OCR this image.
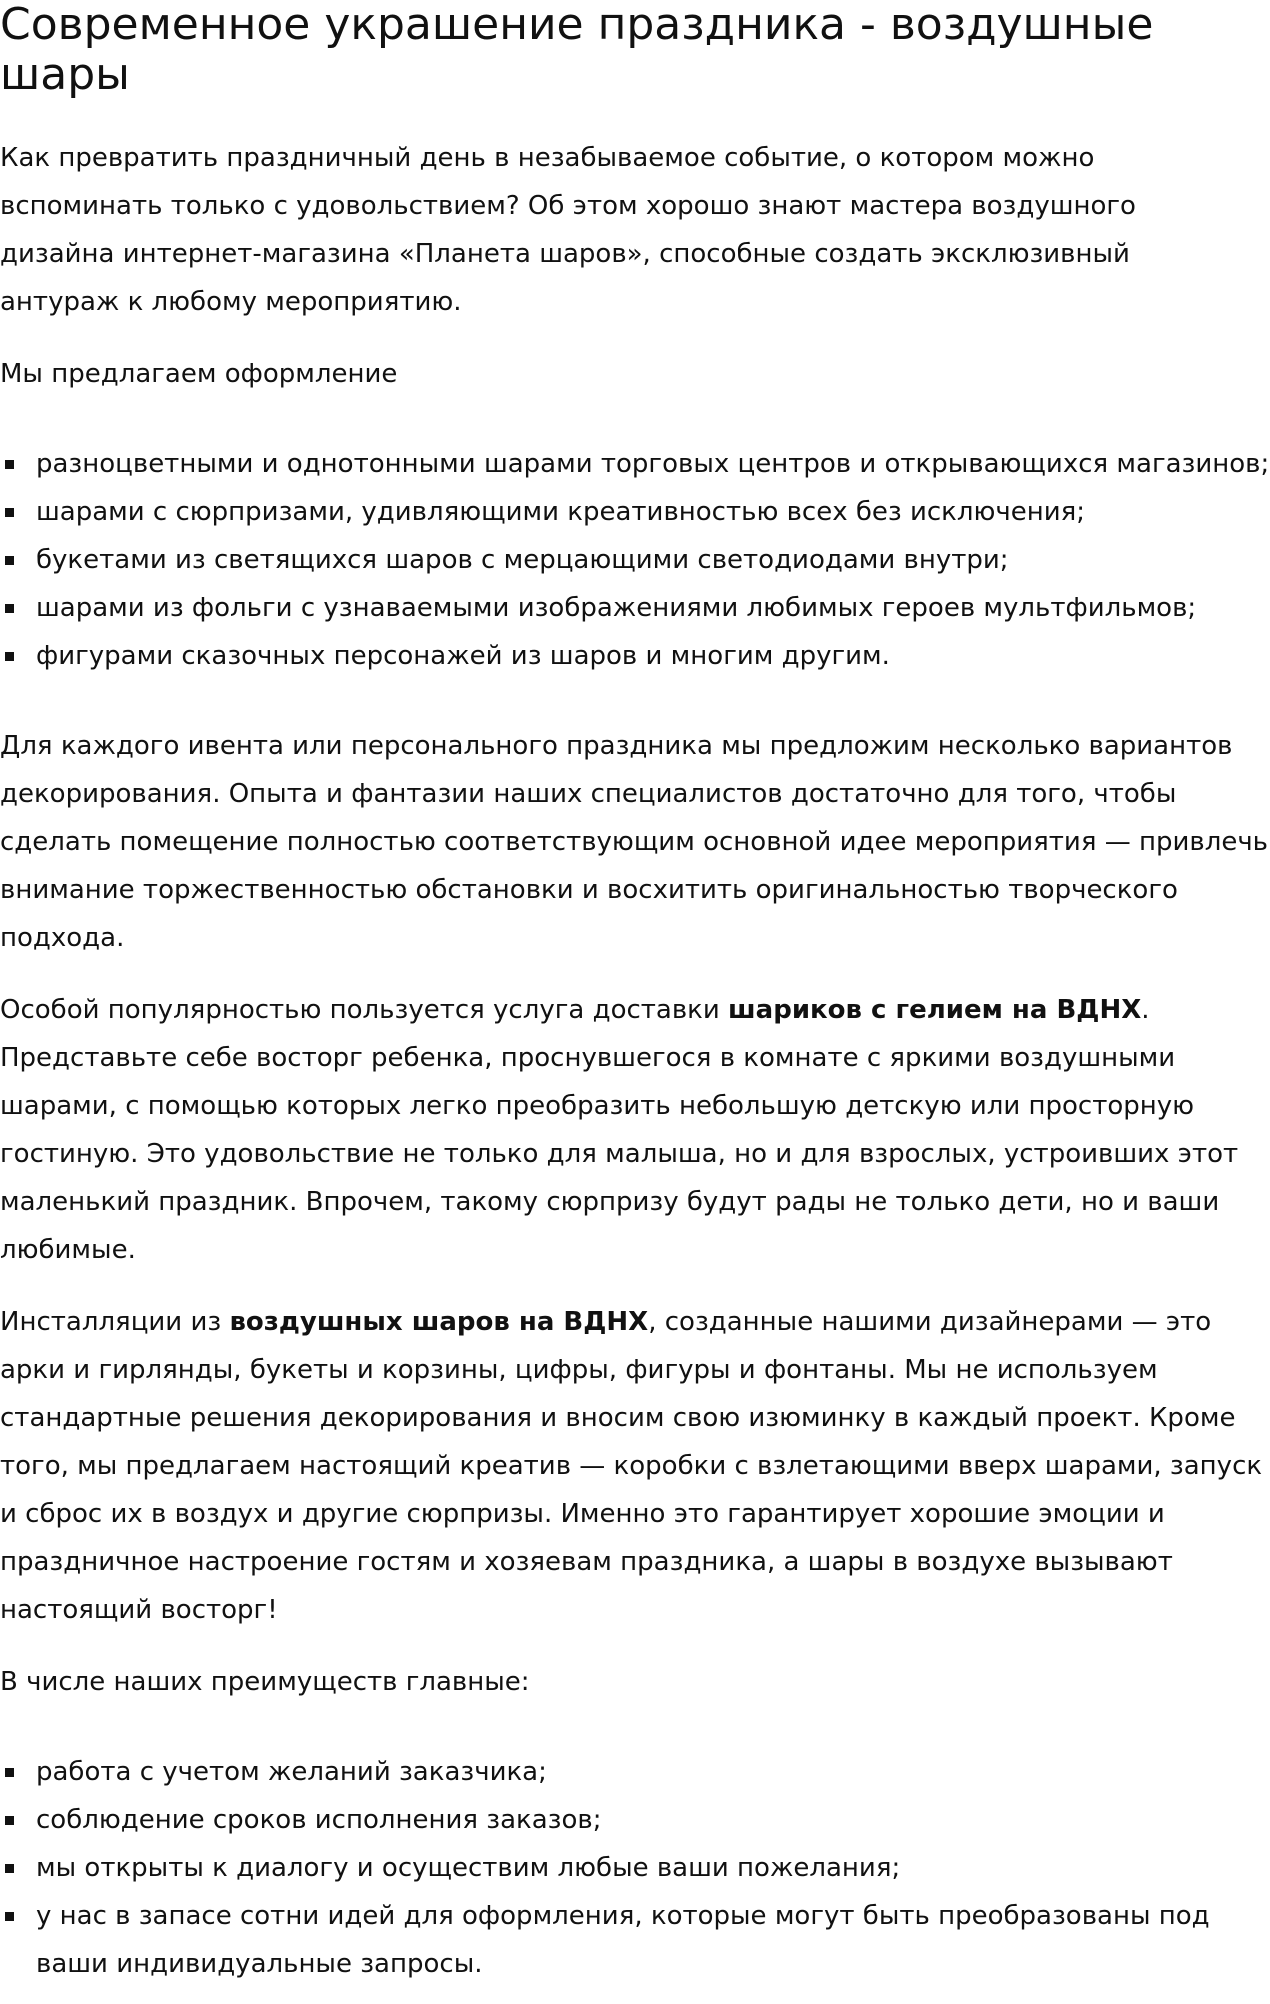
Современное украшение праздника - воздушные шары

Как превратить праздничный день в незабываемое событие, о котором можно вспоминать только с удовольствием? Об этом хорошо знают мастера воздушного дизайна интернет-магазина «Планета шаров», способные создать эксклюзивный антураж к любому мероприятию.

Мы предлагаем оформление

разноцветными и однотонными шарами торговых центров и открывающихся магазинов;
шарами с сюрпризами, удивляющими креативностью всех без исключения;
букетами из светящихся шаров с мерцающими светодиодами внутри;
шарами из фольги с узнаваемыми изображениями любимых героев мультфильмов;
фигурами сказочных персонажей из шаров и многим другим.

Для каждого ивента или персонального праздника мы предложим несколько вариантов декорирования. Опыта и фантазии наших специалистов достаточно для того, чтобы сделать помещение полностью соответствующим основной идее мероприятия — привлечь внимание торжественностью обстановки и восхитить оригинальностью творческого подхода.

Особой популярностью пользуется услуга доставки шариков с гелием на ВДНХ. Представьте себе восторг ребенка, проснувшегося в комнате с яркими воздушными шарами, с помощью которых легко преобразить небольшую детскую или просторную гостиную. Это удовольствие не только для малыша, но и для взрослых, устроивших этот маленький праздник. Впрочем, такому сюрпризу будут рады не только дети, но и ваши любимые.

Инсталляции из воздушных шаров на ВДНХ, созданные нашими дизайнерами — это арки и гирлянды, букеты и корзины, цифры, фигуры и фонтаны. Мы не используем стандартные решения декорирования и вносим свою изюминку в каждый проект. Кроме того, мы предлагаем настоящий креатив — коробки с взлетающими вверх шарами, запуск и сброс их в воздух и другие сюрпризы. Именно это гарантирует хорошие эмоции и праздничное настроение гостям и хозяевам праздника, а шары в воздухе вызывают настоящий восторг!

В числе наших преимуществ главные:

работа с учетом желаний заказчика;
соблюдение сроков исполнения заказов;
мы открыты к диалогу и осуществим любые ваши пожелания;
у нас в запасе сотни идей для оформления, которые могут быть преобразованы под ваши индивидуальные запросы.
